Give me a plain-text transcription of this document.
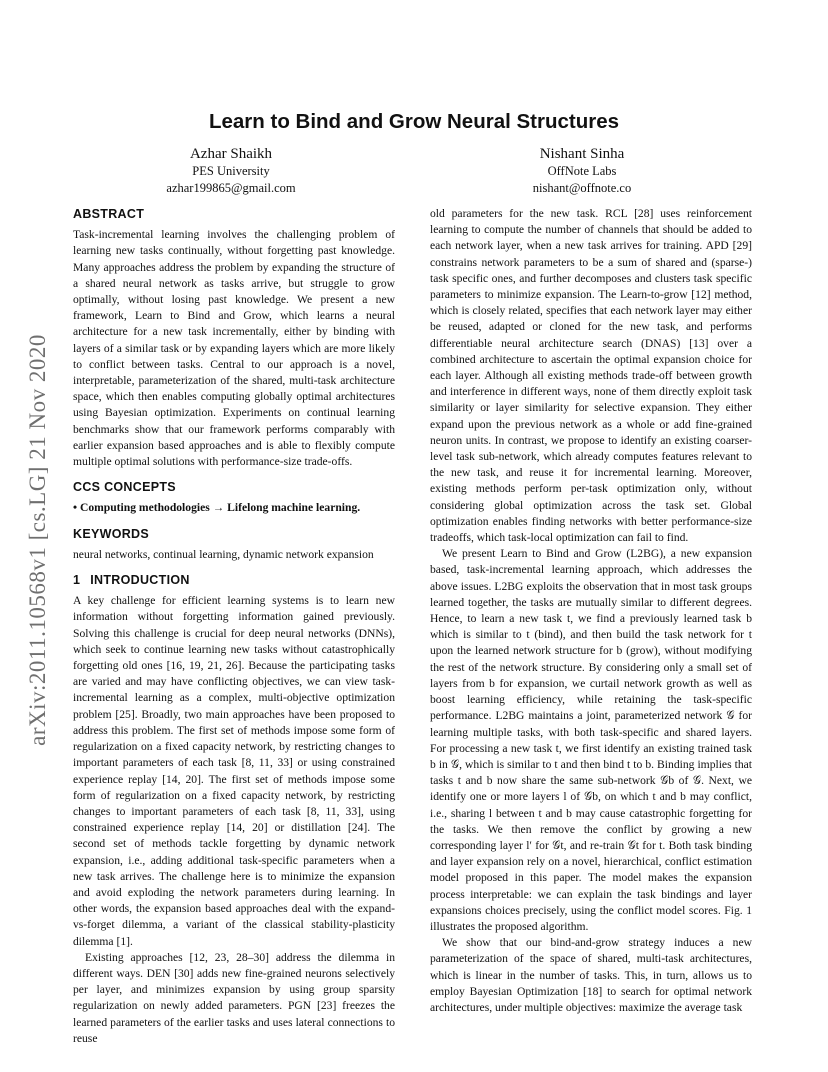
arXiv:2011.10568v1 [cs.LG] 21 Nov 2020
Learn to Bind and Grow Neural Structures
Azhar Shaikh
PES University
azhar199865@gmail.com
Nishant Sinha
OffNote Labs
nishant@offnote.co
ABSTRACT

Task-incremental learning involves the challenging problem of learning new tasks continually, without forgetting past knowledge. Many approaches address the problem by expanding the structure of a shared neural network as tasks arrive, but struggle to grow optimally, without losing past knowledge. We present a new framework, Learn to Bind and Grow, which learns a neural architecture for a new task incrementally, either by binding with layers of a similar task or by expanding layers which are more likely to conflict between tasks. Central to our approach is a novel, interpretable, parameterization of the shared, multi-task architecture space, which then enables computing globally optimal architectures using Bayesian optimization. Experiments on continual learning benchmarks show that our framework performs comparably with earlier expansion based approaches and is able to flexibly compute multiple optimal solutions with performance-size trade-offs.

CCS CONCEPTS

• Computing methodologies → Lifelong machine learning.

KEYWORDS

neural networks, continual learning, dynamic network expansion

1 INTRODUCTION

A key challenge for efficient learning systems is to learn new information without forgetting information gained previously. Solving this challenge is crucial for deep neural networks (DNNs), which seek to continue learning new tasks without catastrophically forgetting old ones [16, 19, 21, 26]. Because the participating tasks are varied and may have conflicting objectives, we can view task-incremental learning as a complex, multi-objective optimization problem [25]. Broadly, two main approaches have been proposed to address this problem. The first set of methods impose some form of regularization on a fixed capacity network, by restricting changes to important parameters of each task [8, 11, 33] or using constrained experience replay [14, 20]. The first set of methods impose some form of regularization on a fixed capacity network, by restricting changes to important parameters of each task [8, 11, 33], using constrained experience replay [14, 20] or distillation [24]. The second set of methods tackle forgetting by dynamic network expansion, i.e., adding additional task-specific parameters when a new task arrives. The challenge here is to minimize the expansion and avoid exploding the network parameters during learning. In other words, the expansion based approaches deal with the expand-vs-forget dilemma, a variant of the classical stability-plasticity dilemma [1].

Existing approaches [12, 23, 28–30] address the dilemma in different ways. DEN [30] adds new fine-grained neurons selectively per layer, and minimizes expansion by using group sparsity regularization on newly added parameters. PGN [23] freezes the learned parameters of the earlier tasks and uses lateral connections to reuse

old parameters for the new task. RCL [28] uses reinforcement learning to compute the number of channels that should be added to each network layer, when a new task arrives for training. APD [29] constrains network parameters to be a sum of shared and (sparse-) task specific ones, and further decomposes and clusters task specific parameters to minimize expansion. The Learn-to-grow [12] method, which is closely related, specifies that each network layer may either be reused, adapted or cloned for the new task, and performs differentiable neural architecture search (DNAS) [13] over a combined architecture to ascertain the optimal expansion choice for each layer. Although all existing methods trade-off between growth and interference in different ways, none of them directly exploit task similarity or layer similarity for selective expansion. They either expand upon the previous network as a whole or add fine-grained neuron units. In contrast, we propose to identify an existing coarser-level task sub-network, which already computes features relevant to the new task, and reuse it for incremental learning. Moreover, existing methods perform per-task optimization only, without considering global optimization across the task set. Global optimization enables finding networks with better performance-size tradeoffs, which task-local optimization can fail to find.

We present Learn to Bind and Grow (L2BG), a new expansion based, task-incremental learning approach, which addresses the above issues. L2BG exploits the observation that in most task groups learned together, the tasks are mutually similar to different degrees. Hence, to learn a new task t, we find a previously learned task b which is similar to t (bind), and then build the task network for t upon the learned network structure for b (grow), without modifying the rest of the network structure. By considering only a small set of layers from b for expansion, we curtail network growth as well as boost learning efficiency, while retaining the task-specific performance. L2BG maintains a joint, parameterized network 𝒢 for learning multiple tasks, with both task-specific and shared layers. For processing a new task t, we first identify an existing trained task b in 𝒢, which is similar to t and then bind t to b. Binding implies that tasks t and b now share the same sub-network 𝒢b of 𝒢. Next, we identify one or more layers l of 𝒢b, on which t and b may conflict, i.e., sharing l between t and b may cause catastrophic forgetting for the tasks. We then remove the conflict by growing a new corresponding layer l′ for 𝒢t, and re-train 𝒢t for t. Both task binding and layer expansion rely on a novel, hierarchical, conflict estimation model proposed in this paper. The model makes the expansion process interpretable: we can explain the task bindings and layer expansions choices precisely, using the conflict model scores. Fig. 1 illustrates the proposed algorithm.

We show that our bind-and-grow strategy induces a new parameterization of the space of shared, multi-task architectures, which is linear in the number of tasks. This, in turn, allows us to employ Bayesian Optimization [18] to search for optimal network architectures, under multiple objectives: maximize the average task
